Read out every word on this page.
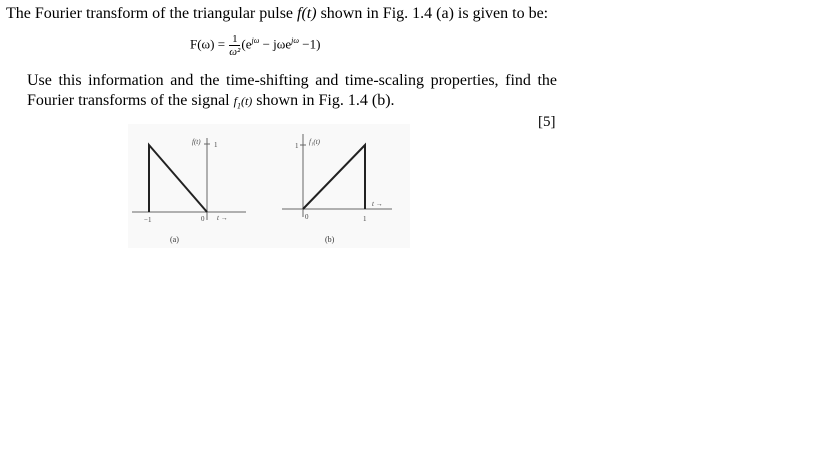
The Fourier transform of the triangular pulse f(t) shown in Fig. 1.4 (a) is given to be:
$F(\omega) = \frac{1}{\text{ω²}} (e^{j\omega} - j\omega e^{j\omega} -1)$
Use this information and the time-shifting and time-scaling properties, find the Fourier transforms of the signal $f_1(t)$ shown in Fig. 1.4 (b).
[5]
f(t) 1
−1	0 t →
(a)
1 f₁(t)
0	1
t →
(b)
